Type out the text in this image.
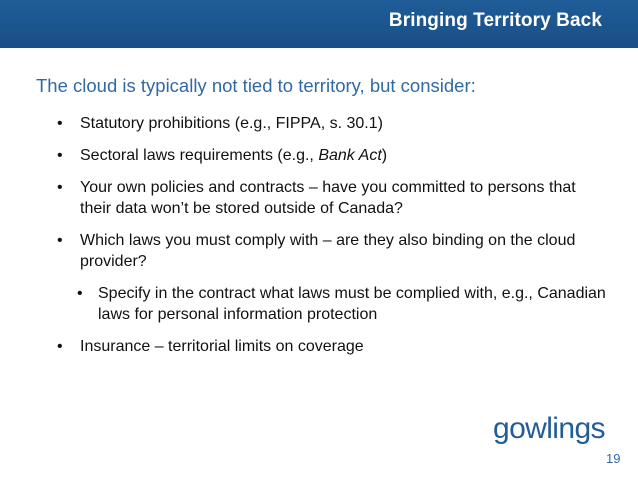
Bringing Territory Back
The cloud is typically not tied to territory, but consider:
• Statutory prohibitions (e.g., FIPPA, s. 30.1)
• Sectoral laws requirements (e.g., Bank Act)
• Your own policies and contracts – have you committed to persons that their data won’t be stored outside of Canada?
• Which laws you must comply with – are they also binding on the cloud provider?
• Specify in the contract what laws must be complied with, e.g., Canadian laws for personal information protection
• Insurance – territorial limits on coverage
gowlings
19
